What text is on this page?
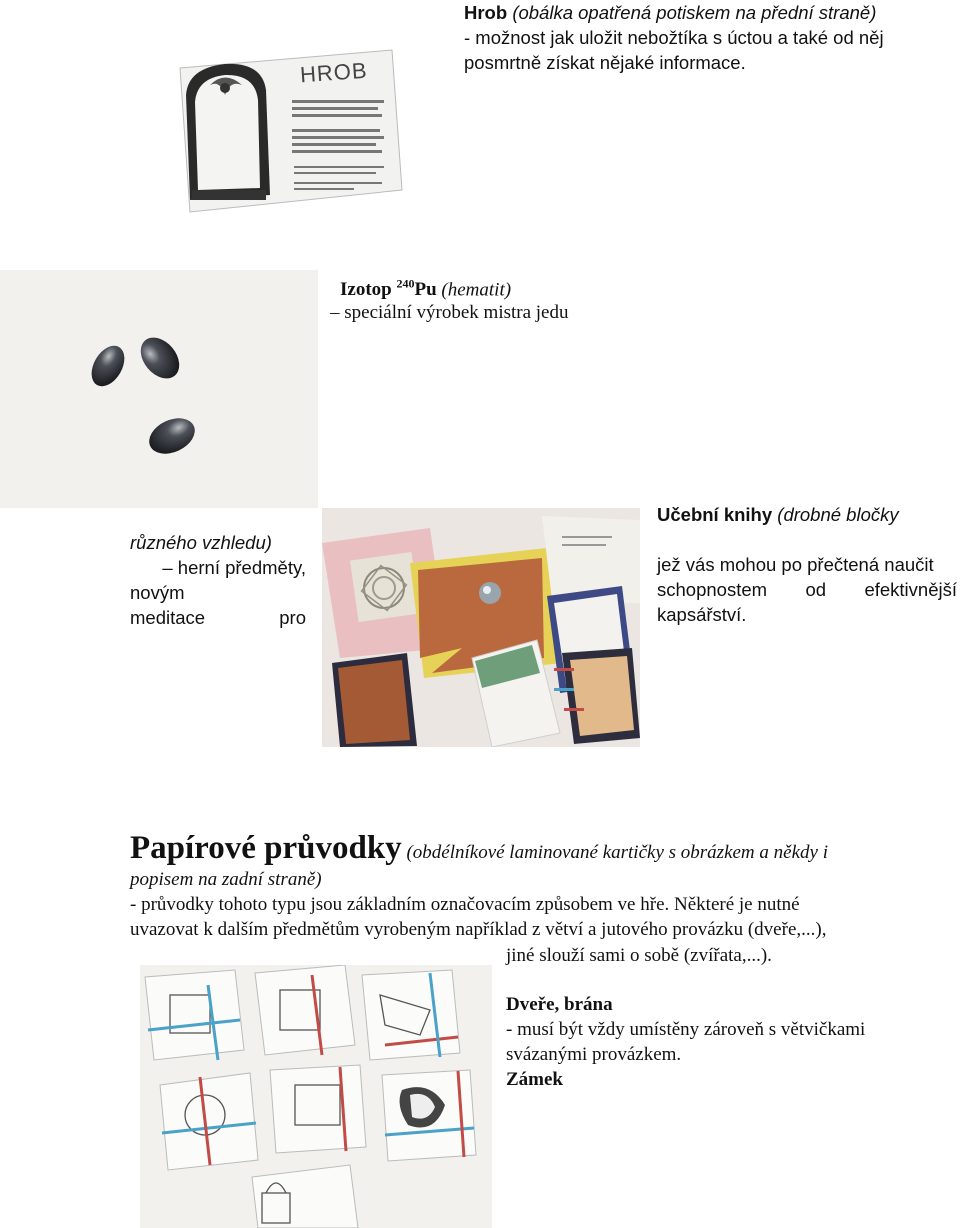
Hrob (obálka opatřená potiskem na přední straně)

- možnost jak uložit nebožtíka s úctou a také od něj

posmrtně získat nějaké informace.

HROB

Izotop $^{240}$Pu (hematit)

– speciální výrobek mistra jedu

různého vzhledu)

– herní předměty,

novým

meditace	pro

Učební knihy (drobné bločky

jež vás mohou po přečtená naučit

schopnostem od efektivnější

kapsářství.

Papírové průvodky (obdélníkové laminované kartičky s obrázkem a někdy i

popisem na zadní straně)

- průvodky tohoto typu jsou základním označovacím způsobem ve hře. Některé je nutné

uvazovat k dalším předmětům vyrobeným například z větví a jutového provázku (dveře,...),

jiné slouží sami o sobě (zvířata,...).

Dveře, brána

- musí být vždy umístěny zároveň s větvičkami

svázanými provázkem.

Zámek
